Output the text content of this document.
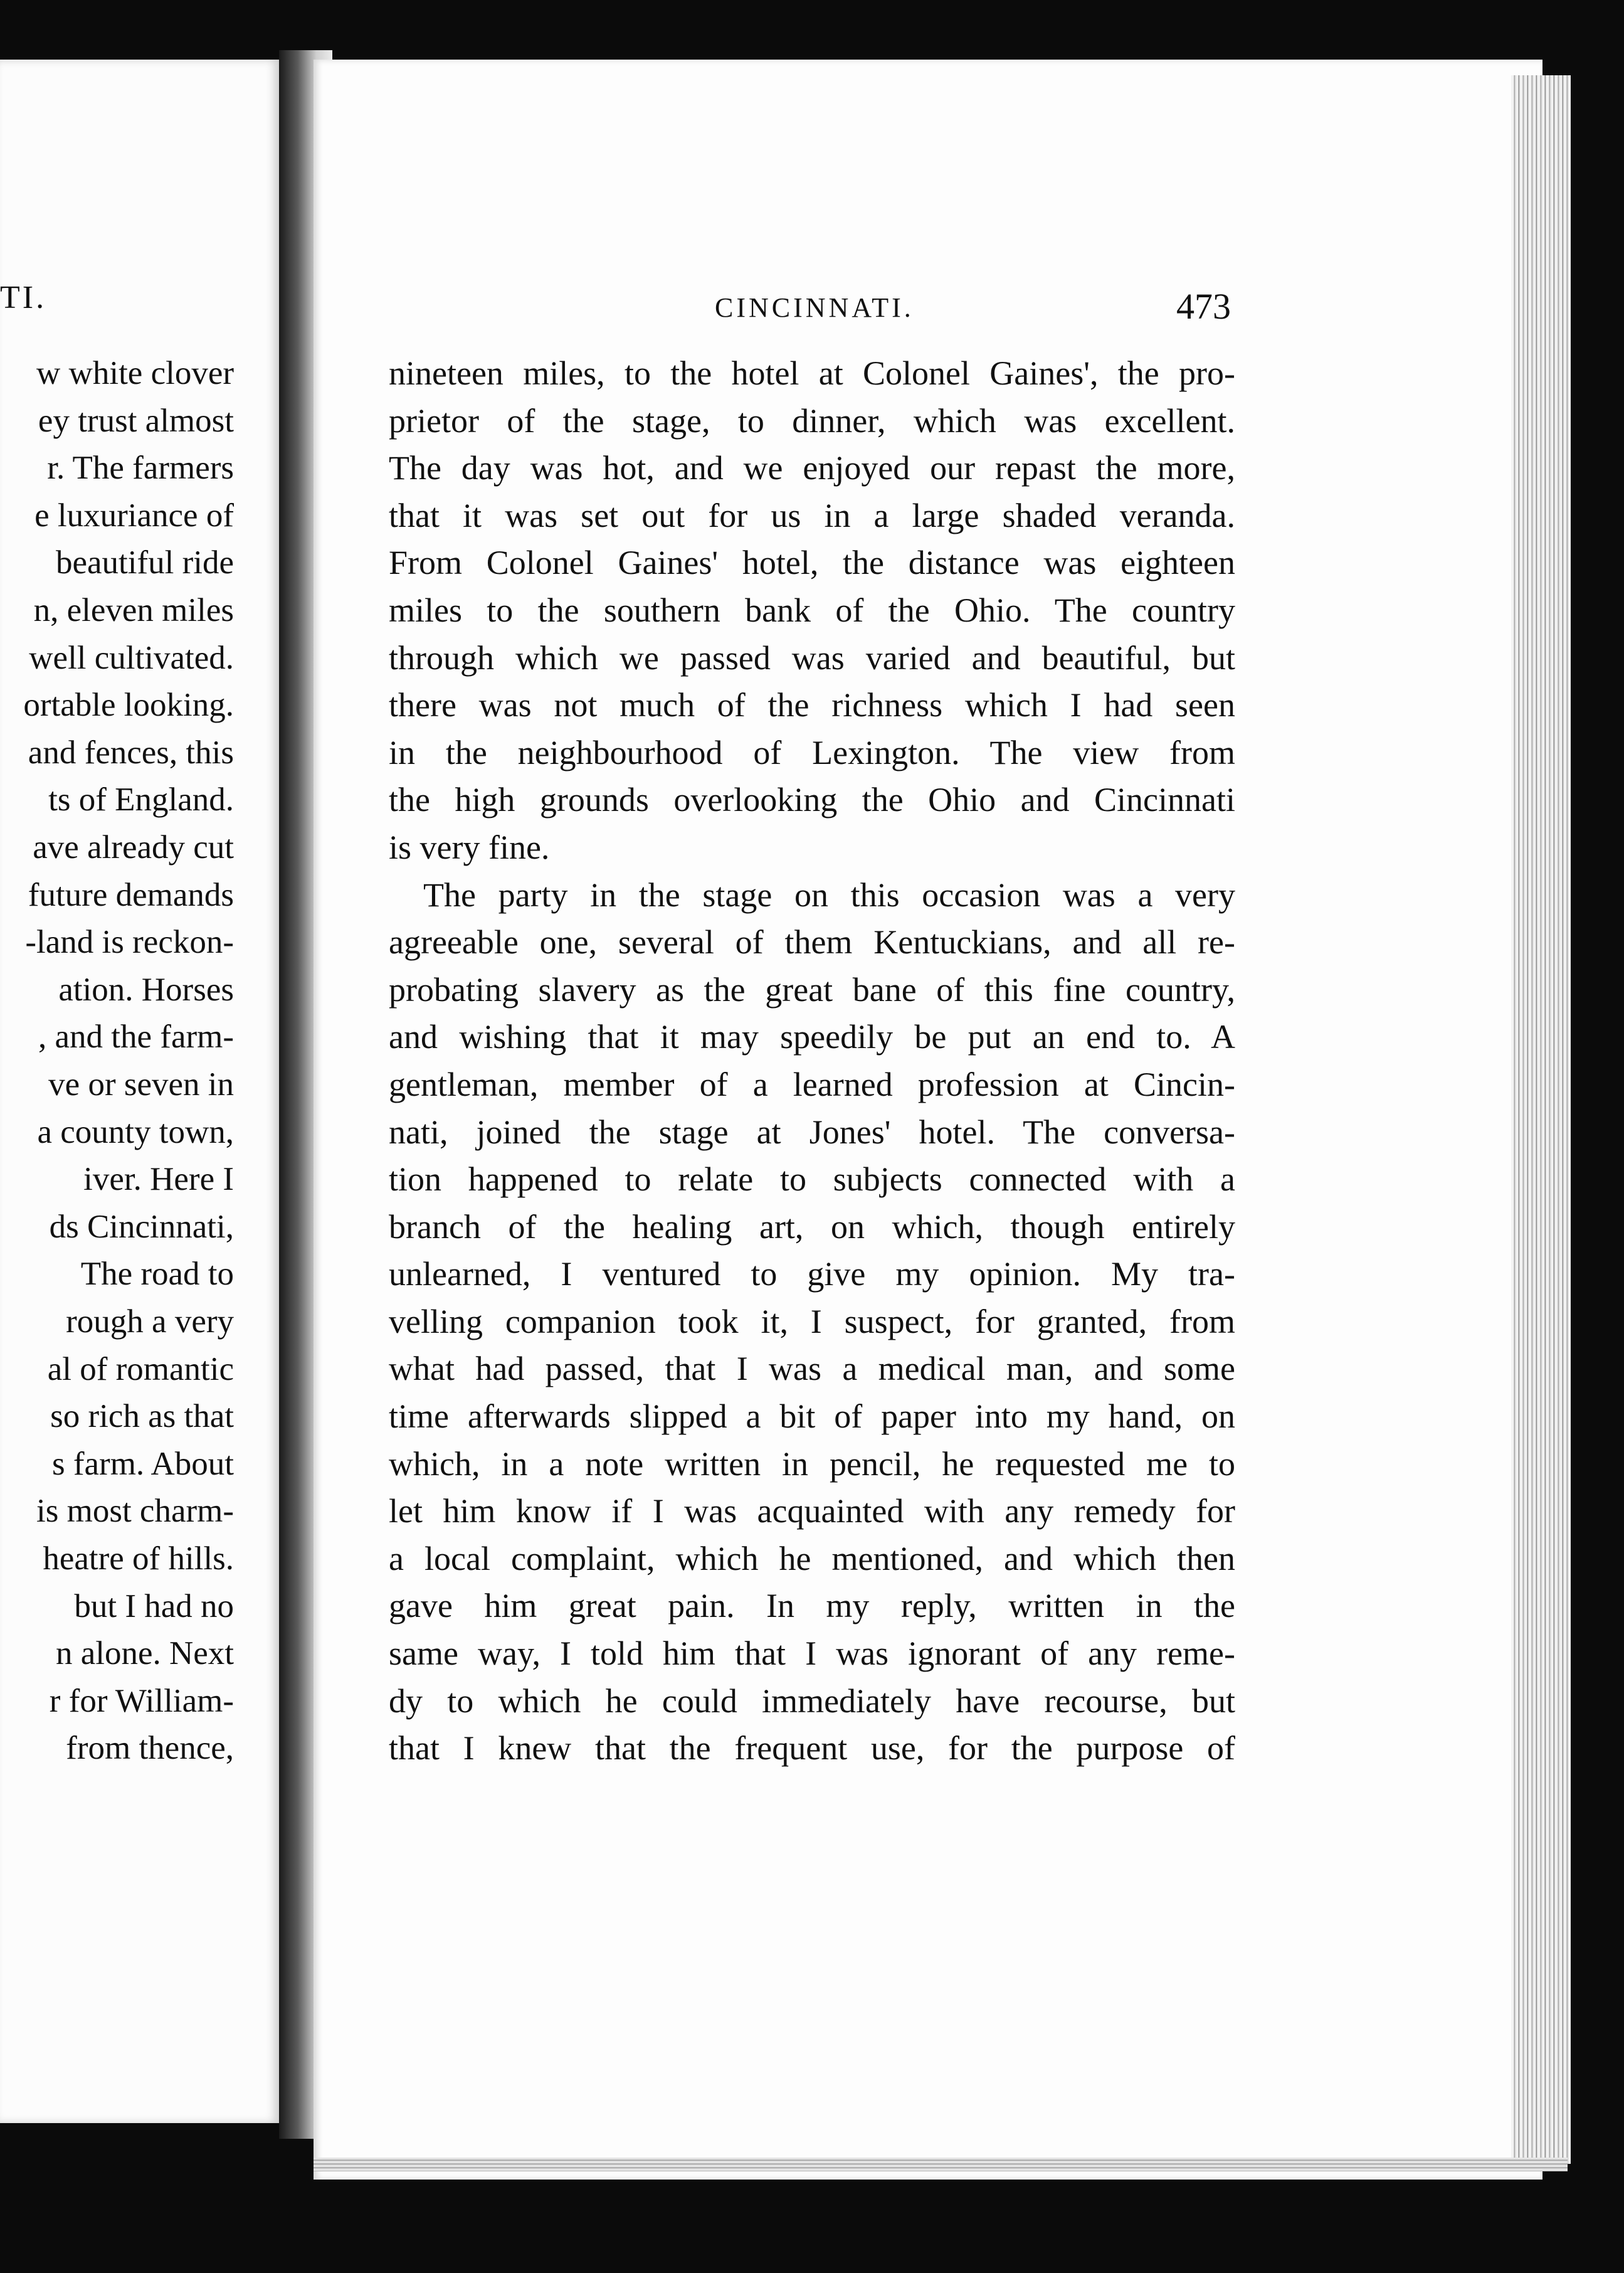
TI.
w white clover
ey trust almost
r. The farmers
e luxuriance of
beautiful ride
n, eleven miles
well cultivated.
ortable looking.
and fences, this
ts of England.
ave already cut
future demands
-land is reckon-
ation. Horses
, and the farm-
ve or seven in
a county town,
iver. Here I
ds Cincinnati,
The road to
rough a very
al of romantic
so rich as that
s farm. About
is most charm-
heatre of hills.
but I had no
n alone. Next
r for William-
from thence,
CINCINNATI.	473
nineteen miles, to the hotel at Colonel Gaines', the pro-
prietor of the stage, to dinner, which was excellent.
The day was hot, and we enjoyed our repast the more,
that it was set out for us in a large shaded veranda.
From Colonel Gaines' hotel, the distance was eighteen
miles to the southern bank of the Ohio. The country
through which we passed was varied and beautiful, but
there was not much of the richness which I had seen
in the neighbourhood of Lexington. The view from
the high grounds overlooking the Ohio and Cincinnati
is very fine.
The party in the stage on this occasion was a very
agreeable one, several of them Kentuckians, and all re-
probating slavery as the great bane of this fine country,
and wishing that it may speedily be put an end to. A
gentleman, member of a learned profession at Cincin-
nati, joined the stage at Jones' hotel. The conversa-
tion happened to relate to subjects connected with a
branch of the healing art, on which, though entirely
unlearned, I ventured to give my opinion. My tra-
velling companion took it, I suspect, for granted, from
what had passed, that I was a medical man, and some
time afterwards slipped a bit of paper into my hand, on
which, in a note written in pencil, he requested me to
let him know if I was acquainted with any remedy for
a local complaint, which he mentioned, and which then
gave him great pain. In my reply, written in the
same way, I told him that I was ignorant of any reme-
dy to which he could immediately have recourse, but
that I knew that the frequent use, for the purpose of
